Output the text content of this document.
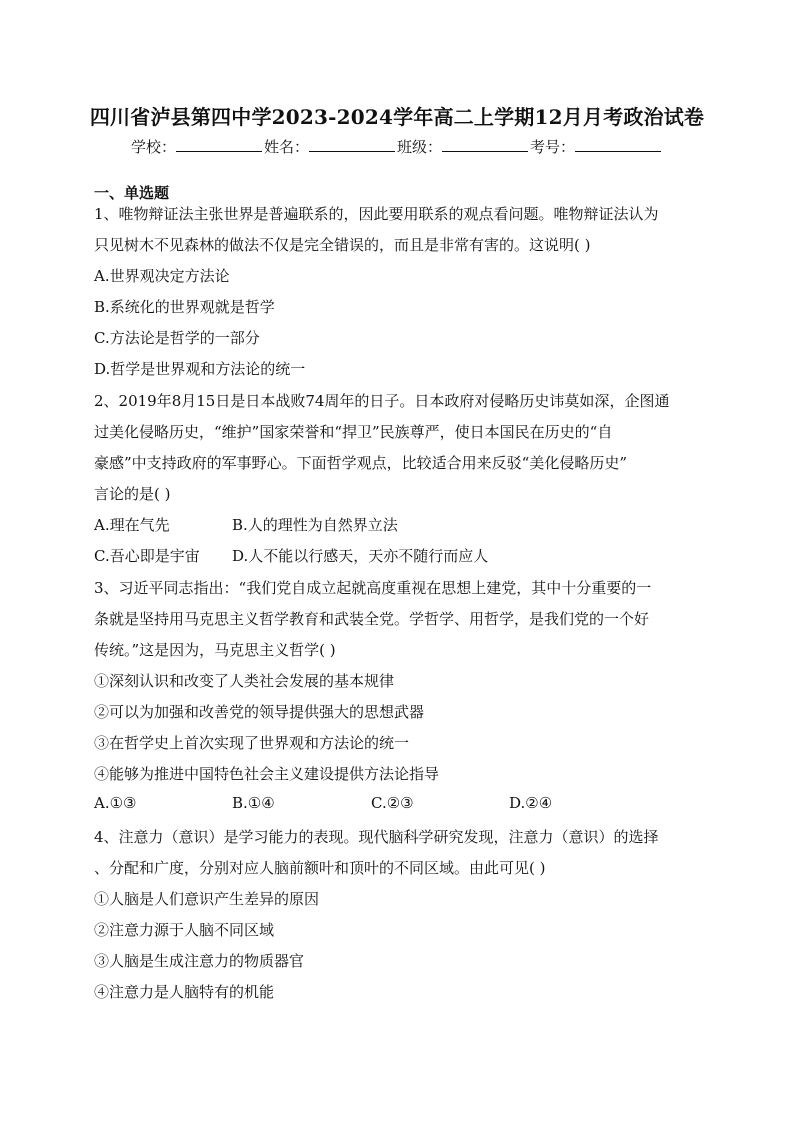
四川省泸县第四中学2023-2024学年高二上学期12月月考政治试卷
学校：	姓名：	班级：	考号：
一、单选题
1、唯物辩证法主张世界是普遍联系的，因此要用联系的观点看问题。唯物辩证法认为
只见树木不见森林的做法不仅是完全错误的，而且是非常有害的。这说明( )
A.世界观决定方法论
B.系统化的世界观就是哲学
C.方法论是哲学的一部分
D.哲学是世界观和方法论的统一
2、2019年8月15日是日本战败74周年的日子。日本政府对侵略历史讳莫如深，企图通
过美化侵略历史，“维护”国家荣誉和“捍卫”民族尊严，使日本国民在历史的“自
豪感”中支持政府的军事野心。下面哲学观点，比较适合用来反驳“美化侵略历史”
言论的是( )
A.理在气先	B.人的理性为自然界立法
C.吾心即是宇宙 D.人不能以行感天，天亦不随行而应人
3、习近平同志指出：“我们党自成立起就高度重视在思想上建党，其中十分重要的一
条就是坚持用马克思主义哲学教育和武装全党。学哲学、用哲学，是我们党的一个好
传统。”这是因为，马克思主义哲学( )
①深刻认识和改变了人类社会发展的基本规律
②可以为加强和改善党的领导提供强大的思想武器
③在哲学史上首次实现了世界观和方法论的统一
④能够为推进中国特色社会主义建设提供方法论指导
A.①③	B.①④	C.②③	D.②④
4、注意力（意识）是学习能力的表现。现代脑科学研究发现，注意力（意识）的选择
、分配和广度，分别对应人脑前额叶和顶叶的不同区域。由此可见( )
①人脑是人们意识产生差异的原因
②注意力源于人脑不同区域
③人脑是生成注意力的物质器官
④注意力是人脑特有的机能
